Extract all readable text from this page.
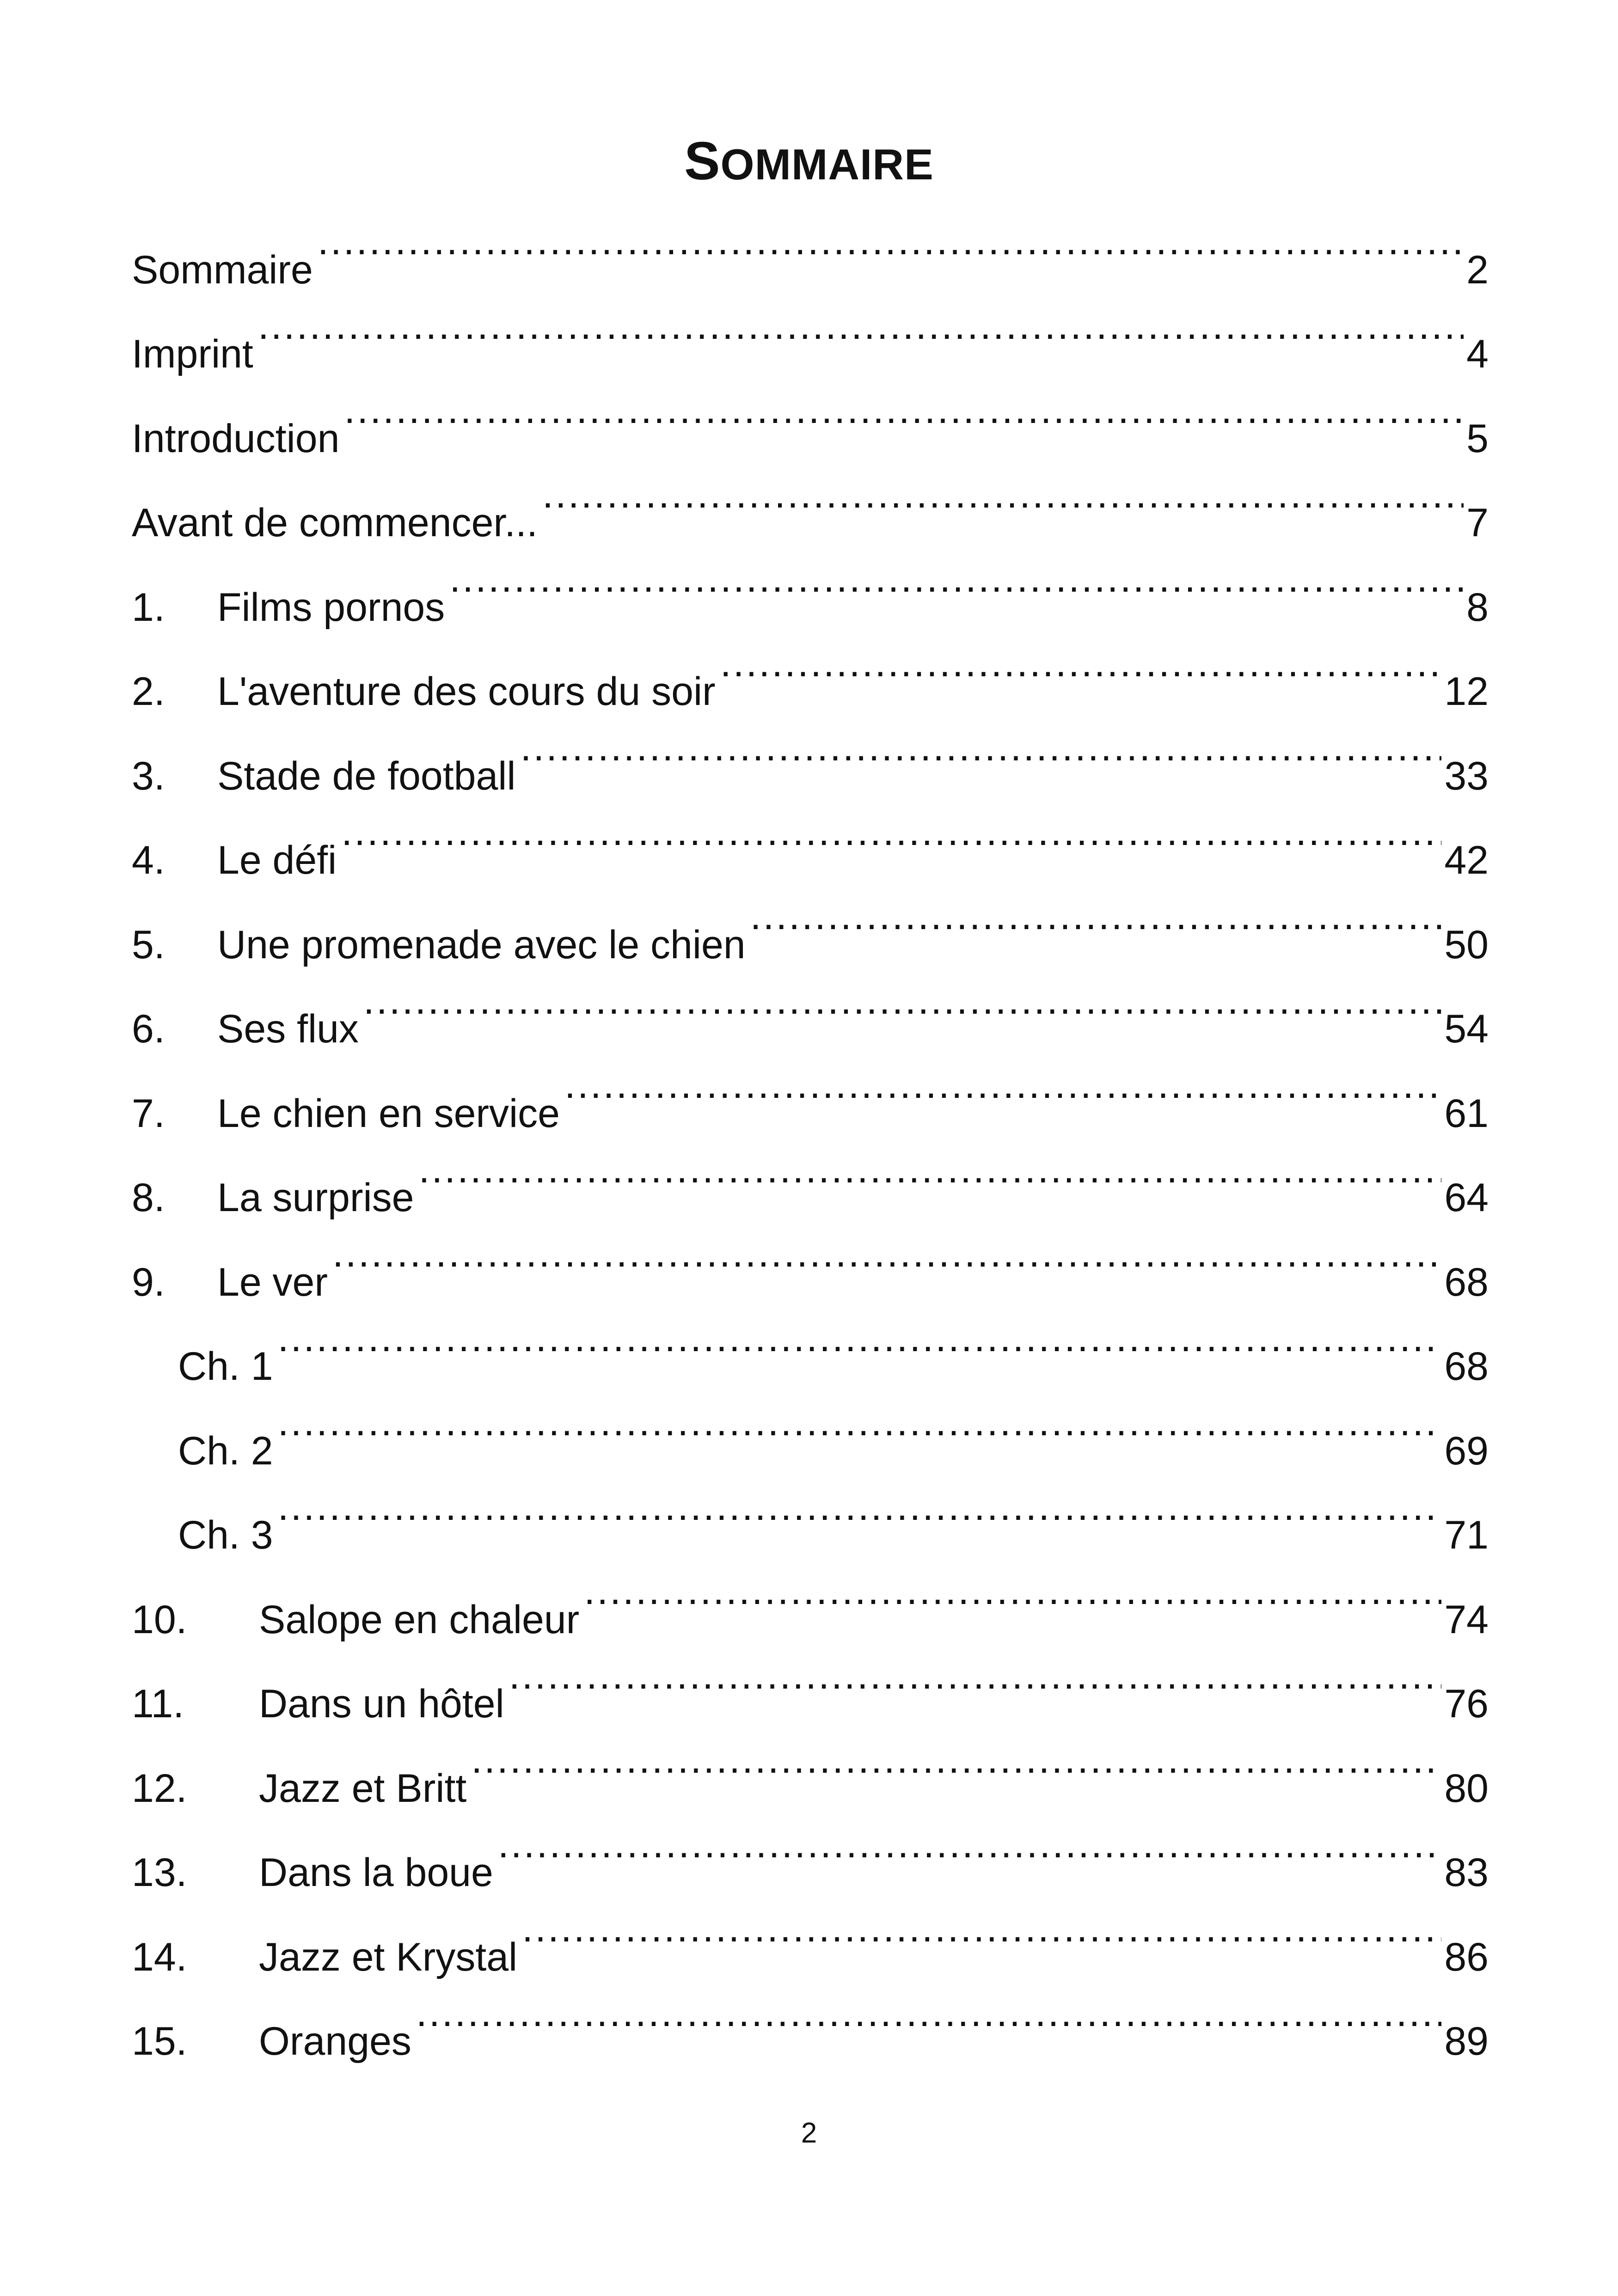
SOMMAIRE
Sommaire .....	2
Imprint .....	4
Introduction .....	5
Avant de commencer... .....	7
1.	Films pornos .....	8
2.	L'aventure des cours du soir .....	12
3.	Stade de football .....	33
4.	Le défi .....	42
5.	Une promenade avec le chien .....	50
6.	Ses flux .....	54
7.	Le chien en service .....	61
8.	La surprise .....	64
9.	Le ver .....	68
Ch. 1 .....	68
Ch. 2 .....	69
Ch. 3 .....	71
10.	Salope en chaleur .....	74
11.	Dans un hôtel .....	76
12.	Jazz et Britt .....	80
13.	Dans la boue .....	83
14.	Jazz et Krystal .....	86
15.	Oranges .....	89
2
